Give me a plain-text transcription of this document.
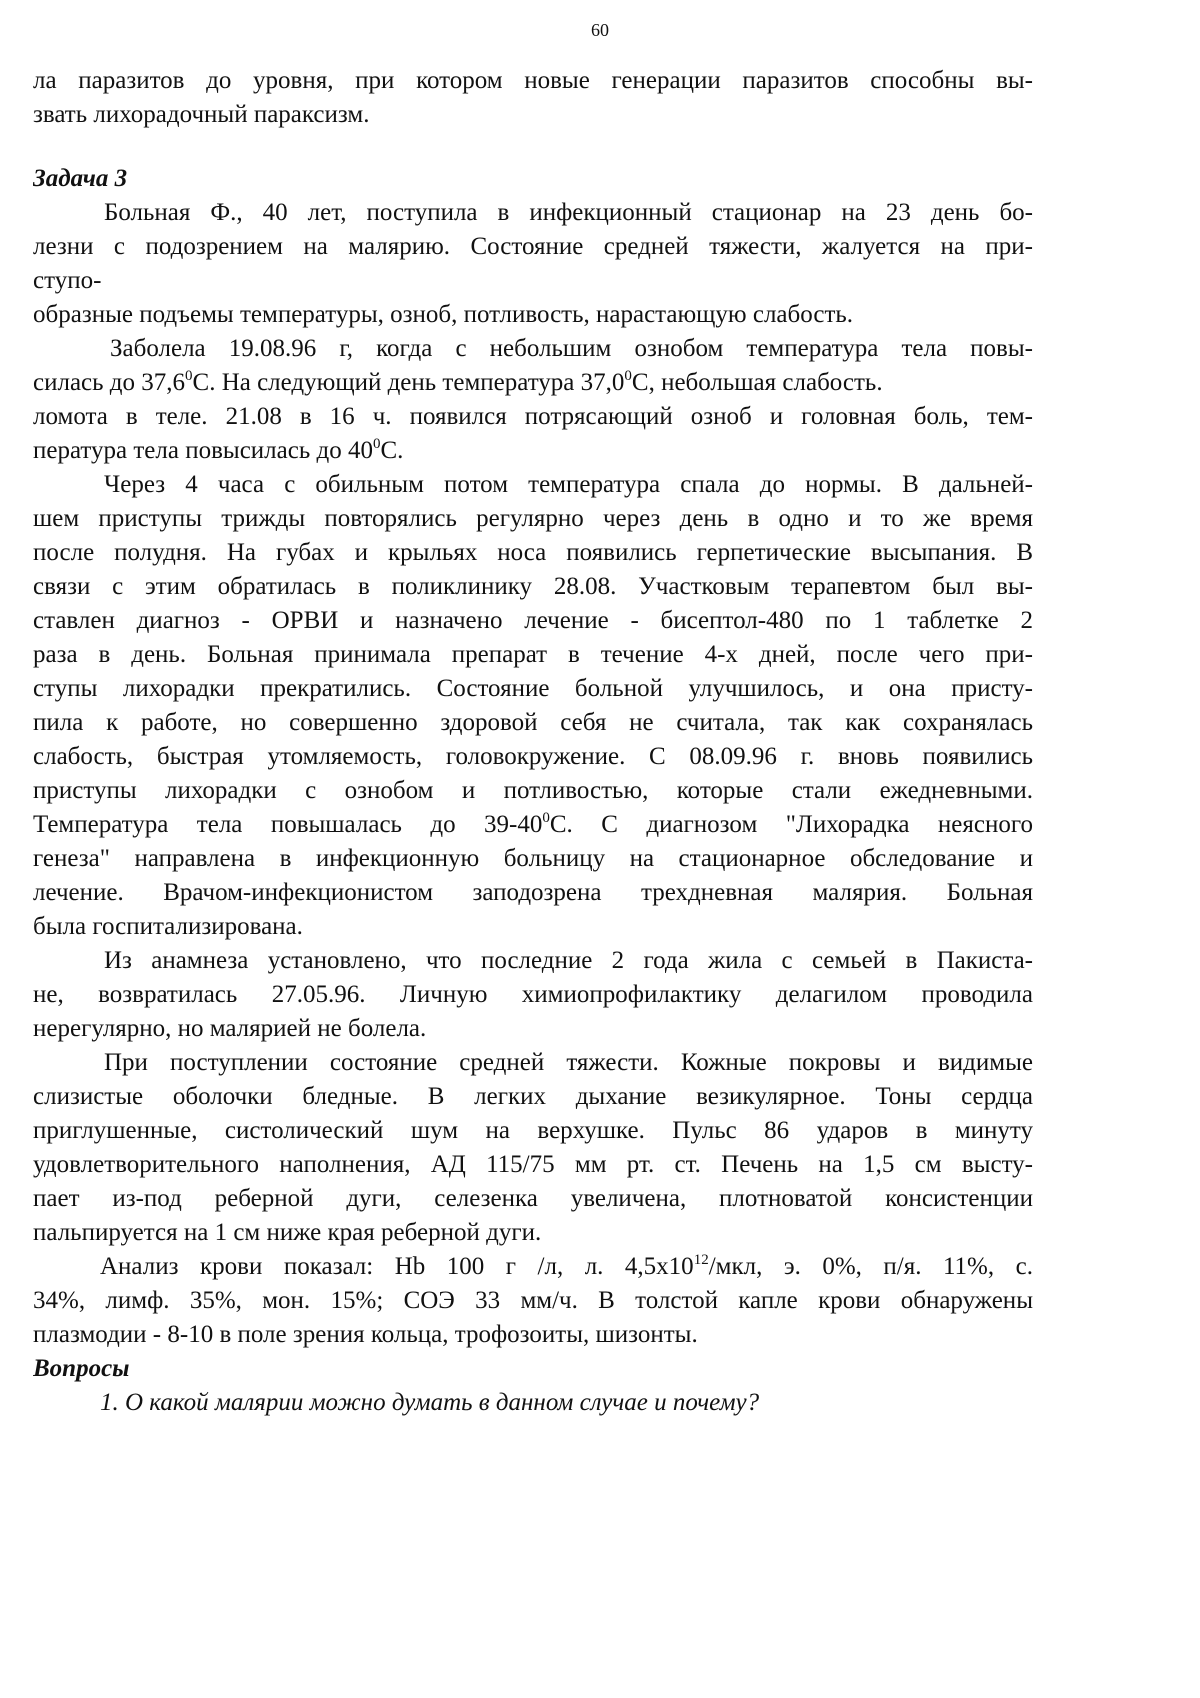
60
ла паразитов до уровня, при котором новые генерации паразитов способны вы-
звать лихорадочный параксизм.
Задача 3
Больная Ф., 40 лет, поступила в инфекционный стационар на 23 день бо-
лезни с подозрением на малярию. Состояние средней тяжести, жалуется на при-
ступо-
образные подъемы температуры, озноб, потливость, нарастающую слабость.
Заболела 19.08.96 г, когда с небольшим ознобом температура тела повы-
силась до 37,6$^0$С. На следующий день температура 37,0$^0$С, небольшая слабость.
ломота в теле. 21.08 в 16 ч. появился потрясающий озноб и головная боль, тем-
пература тела повысилась до $40^0С$.
Через 4 часа с обильным потом температура спала до нормы. В дальней-
шем приступы трижды повторялись регулярно через день в одно и то же время
после полудня. На губах и крыльях носа появились герпетические высыпания. В
связи с этим обратилась в поликлинику 28.08. Участковым терапевтом был вы-
ставлен диагноз - ОРВИ и назначено лечение - бисептол-480 по 1 таблетке 2
раза в день. Больная принимала препарат в течение 4-х дней, после чего при-
ступы лихорадки прекратились. Состояние больной улучшилось, и она присту-
пила к работе, но совершенно здоровой себя не считала, так как сохранялась
слабость, быстрая утомляемость, головокружение. С 08.09.96 г. вновь появились
приступы лихорадки с ознобом и потливостью, которые стали ежедневными.
Температура тела повышалась до $39-40^0С$. С диагнозом "Лихорадка неясного
генеза" направлена в инфекционную больницу на стационарное обследование и
лечение. Врачом-инфекционистом заподозрена трехдневная малярия. Больная
была госпитализирована.
Из анамнеза установлено, что последние 2 года жила с семьей в Пакиста-
не, возвратилась 27.05.96. Личную химиопрофилактику делагилом проводила
нерегулярно, но малярией не болела.
При поступлении состояние средней тяжести. Кожные покровы и видимые
слизистые оболочки бледные. В легких дыхание везикулярное. Тоны сердца
приглушенные, систолический шум на верхушке. Пульс 86 ударов в минуту
удовлетворительного наполнения, АД 115/75 мм рт. ст. Печень на 1,5 см высту-
пает из-под реберной дуги, селезенка увеличена, плотноватой консистенции
пальпируется на 1 см ниже края реберной дуги.
Анализ крови показал: Hb 100 г /л, л. $4,5х10^{12}$/мкл, э. 0%, п/я. 11%, с.
34%, лимф. 35%, мон. 15%; СОЭ 33 мм/ч. В толстой капле крови обнаружены
плазмодии - 8-10 в поле зрения кольца, трофозоиты, шизонты.
Вопросы
1. О какой малярии можно думать в данном случае и почему?
